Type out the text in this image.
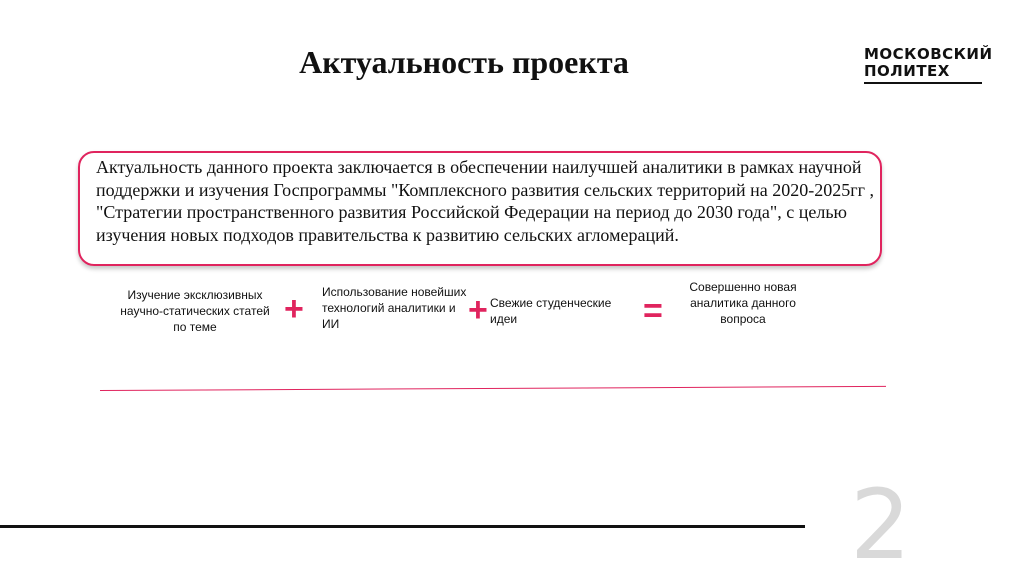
Актуальность проекта	МОСКОВСКИЙ
ПОЛИТЕХ
Актуальность данного проекта заключается в обеспечении наилучшей аналитики в рамках научной поддержки и изучения Госпрограммы "Комплексного развития сельских территорий на 2020-2025гг , "Стратегии пространственного развития Российской Федерации на период до 2030 года", с целью изучения новых подходов правительства к развитию сельских агломераций.
Изучение эксклюзивных научно-статических статей по теме	+ Использование новейших технологий аналитики и ИИ	+ Свежие студенческие идеи	=
Совершенно новая аналитика данного вопроса
2
